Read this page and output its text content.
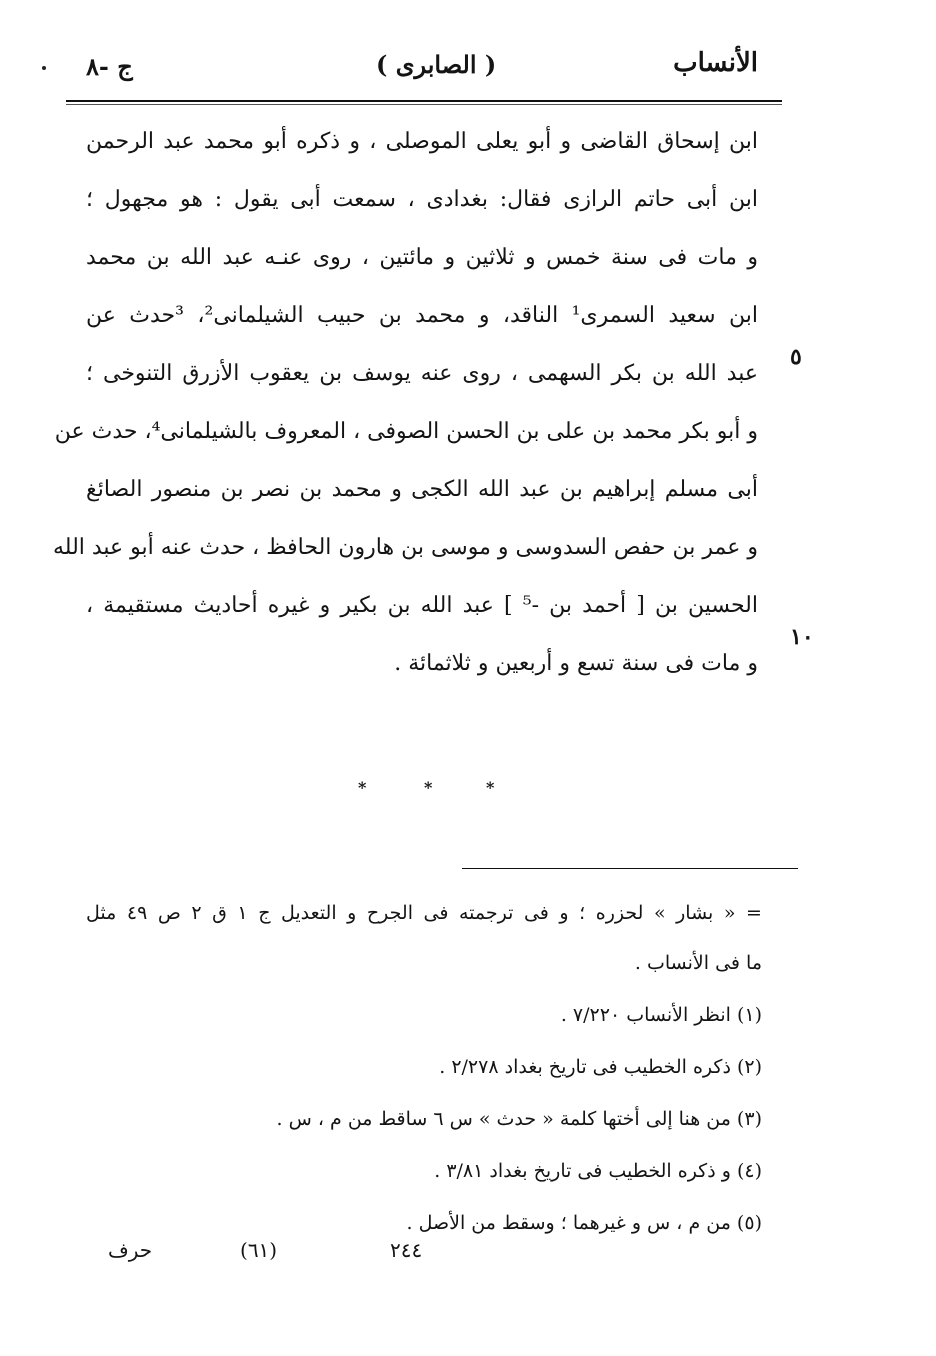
الأنساب
( الصابرى )
ج ‍-٨
ابن إسحاق القاضى و أبو يعلى الموصلى ، و ذكره أبو محمد عبد الرحمن
ابن أبى حاتم الرازى فقال: بغدادى ، سمعت أبى يقول : هو مجهول ؛
و مات فى سنة خمس و ثلاثين و مائتين ، روى عنـه عبد الله بن محمد
ابن سعيد السمرى¹ الناقد، و محمد بن حبيب الشيلمانى²، ³حدث عن
عبد الله بن بكر السهمى ، روى عنه يوسف بن يعقوب الأزرق التنوخى ؛
و أبو بكر محمد بن على بن الحسن الصوفى ، المعروف بالشيلمانى⁴، حدث عن
أبى مسلم إبراهيم بن عبد الله الكجى و محمد بن نصر بن منصور الصائغ
و عمر بن حفص السدوسى و موسى بن هارون الحافظ ، حدث عنه أبو عبد الله
الحسين بن [ أحمد بن -⁵ ] عبد الله بن بكير و غيره أحاديث مستقيمة ،
و مات فى سنة تسع و أربعين و ثلاثمائة .
٥
١٠
*	*	*
= « بشار » لحزره ؛ و فى ترجمته فى الجرح و التعديل ج ١ ق ٢ ص ٤٩ مثل
ما فى الأنساب .
(١) انظر الأنساب ٧/٢٢٠ .
(٢) ذكره الخطيب فى تاريخ بغداد ٢/٢٧٨ .
(٣) من هنا إلى أختها كلمة « حدث » س ٦ ساقط من م ، س .
(٤) و ذكره الخطيب فى تاريخ بغداد ٣/٨١ .
(٥) من م ، س و غيرهما ؛ وسقط من الأصل .
٢٤٤
(٦١)
حرف
